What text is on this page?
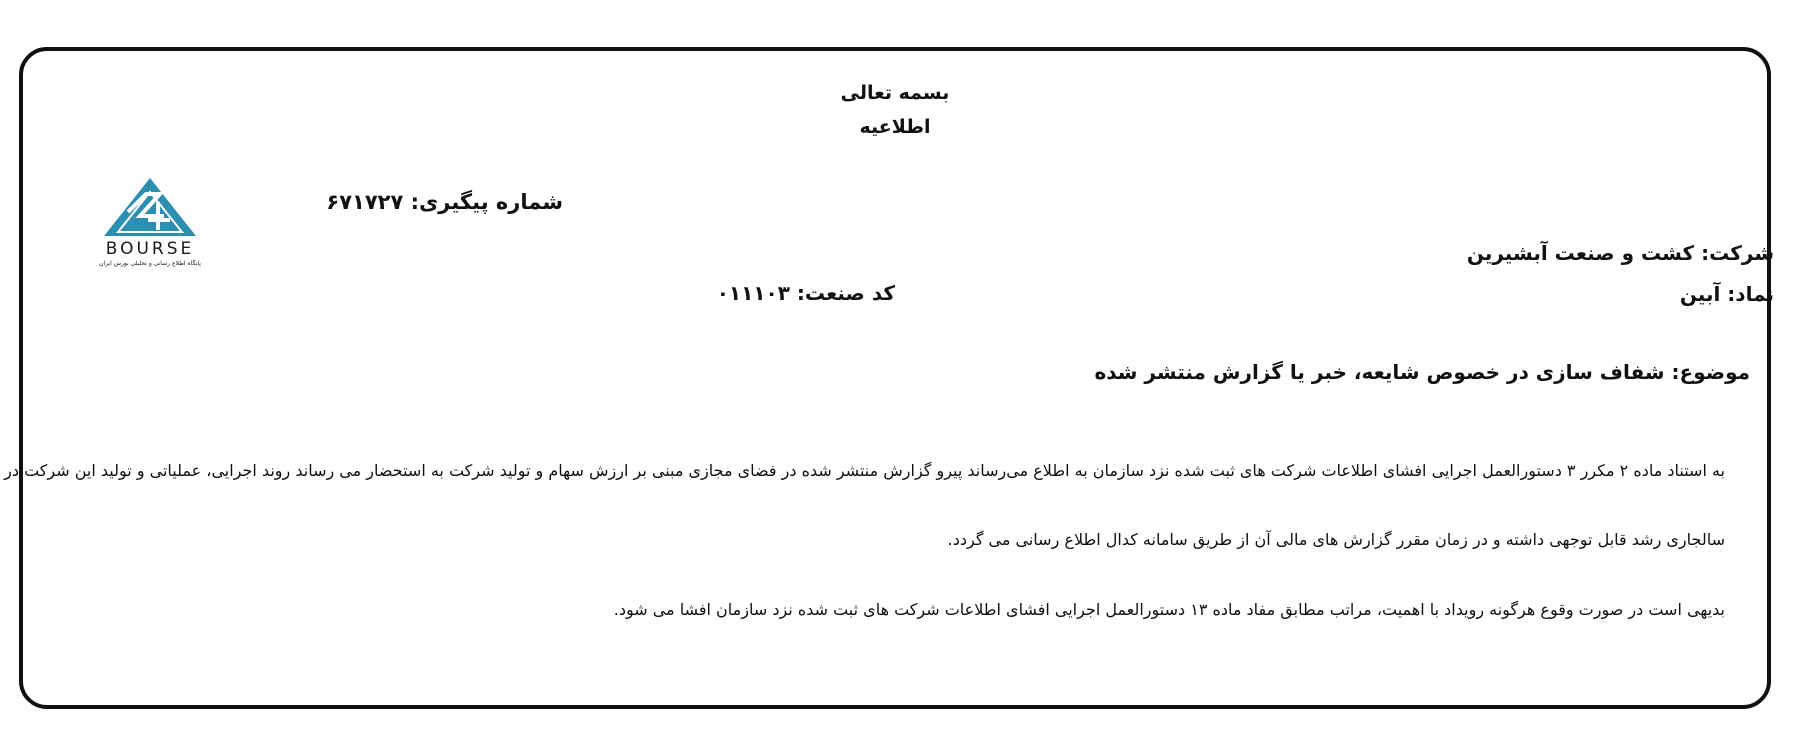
BOURSE
پایگاه اطلاع رسانی و تحلیلی بورس ایران
بسمه تعالی
اطلاعیه
شماره پیگیری: ۶۷۱۷۲۷
شرکت: کشت و صنعت آبشیرین
نماد: آبین
کد صنعت: ۰۱۱۱۰۳
موضوع: شفاف سازی در خصوص شایعه، خبر یا گزارش منتشر شده
به استناد ماده ۲ مکرر ۳ دستورالعمل اجرایی افشای اطلاعات شرکت های ثبت شده نزد سازمان به اطلاع می‌رساند پیرو گزارش منتشر شده در فضای مجازی مبنی بر ارزش سهام و تولید شرکت به استحضار می رساند روند اجرایی، عملیاتی و تولید این شرکت در
سالجاری رشد قابل توجهی داشته و در زمان مقرر گزارش های مالی آن از طریق سامانه کدال اطلاع رسانی می گردد.
بدیهی است در صورت وقوع هرگونه رویداد با اهمیت، مراتب مطابق مفاد ماده ۱۳ دستورالعمل اجرایی افشای اطلاعات شرکت های ثبت شده نزد سازمان افشا می شود.
